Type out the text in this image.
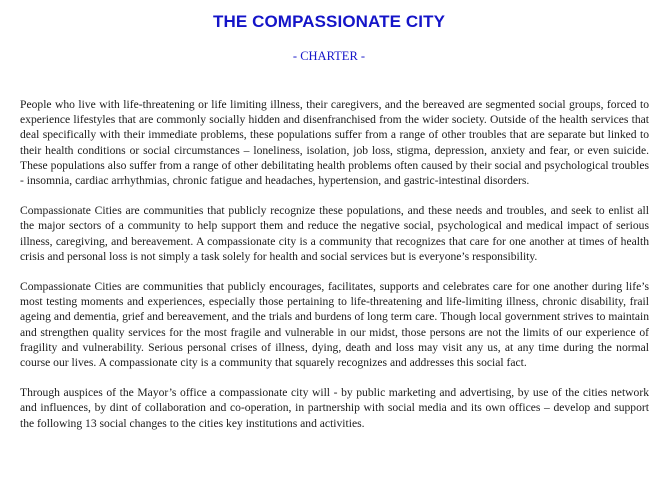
THE COMPASSIONATE CITY

- CHARTER -

People who live with life-threatening or life limiting illness, their caregivers, and the bereaved are segmented social groups, forced to experience lifestyles that are commonly socially hidden and disenfranchised from the wider society. Outside of the health services that deal specifically with their immediate problems, these populations suffer from a range of other troubles that are separate but linked to their health conditions or social circumstances – loneliness, isolation, job loss, stigma, depression, anxiety and fear, or even suicide. These populations also suffer from a range of other debilitating health problems often caused by their social and psychological troubles - insomnia, cardiac arrhythmias, chronic fatigue and headaches, hypertension, and gastric-intestinal disorders.

Compassionate Cities are communities that publicly recognize these populations, and these needs and troubles, and seek to enlist all the major sectors of a community to help support them and reduce the negative social, psychological and medical impact of serious illness, caregiving, and bereavement. A compassionate city is a community that recognizes that care for one another at times of health crisis and personal loss is not simply a task solely for health and social services but is everyone’s responsibility.

Compassionate Cities are communities that publicly encourages, facilitates, supports and celebrates care for one another during life’s most testing moments and experiences, especially those pertaining to life-threatening and life-limiting illness, chronic disability, frail ageing and dementia, grief and bereavement, and the trials and burdens of long term care. Though local government strives to maintain and strengthen quality services for the most fragile and vulnerable in our midst, those persons are not the limits of our experience of fragility and vulnerability. Serious personal crises of illness, dying, death and loss may visit any us, at any time during the normal course our lives. A compassionate city is a community that squarely recognizes and addresses this social fact.

Through auspices of the Mayor’s office a compassionate city will - by public marketing and advertising, by use of the cities network and influences, by dint of collaboration and co-operation, in partnership with social media and its own offices – develop and support the following 13 social changes to the cities key institutions and activities.
